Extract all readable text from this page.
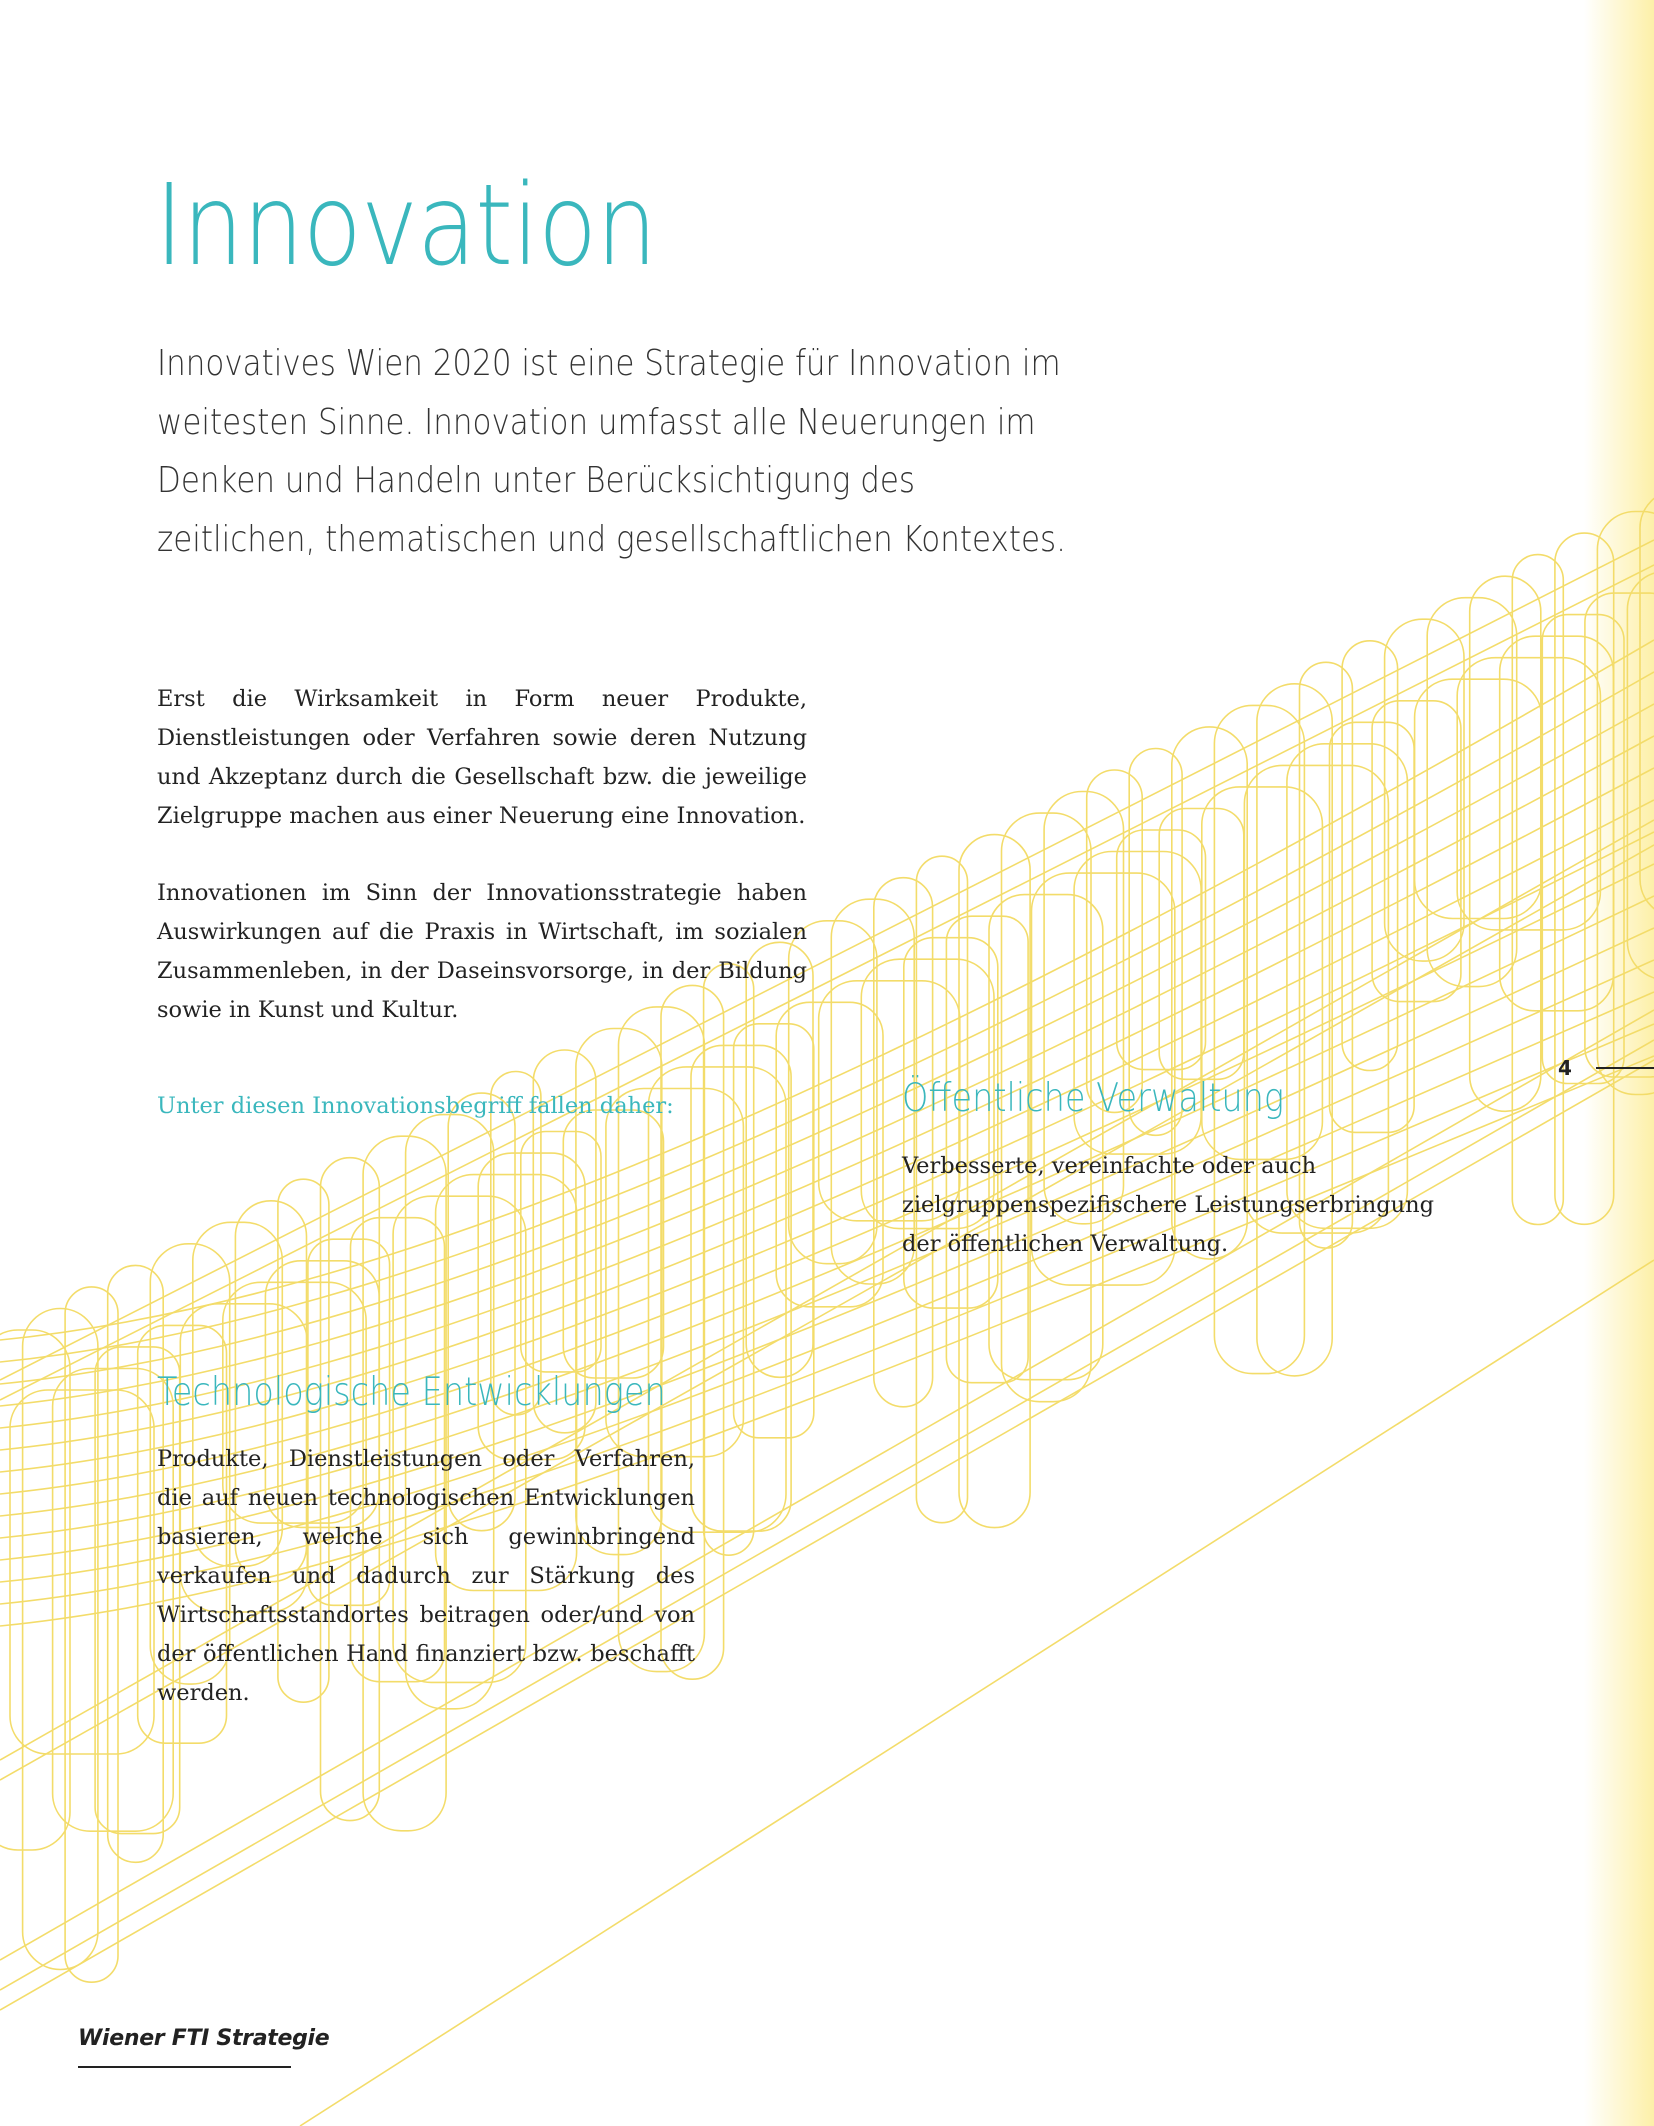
Innovation

Innovatives Wien 2020 ist eine Strategie für Innovation im weitesten Sinne. Innovation umfasst alle Neuerungen im Denken und Handeln unter Berücksichtigung des zeitlichen, thematischen und gesellschaftlichen Kontextes.

Erst die Wirksamkeit in Form neuer Produkte, Dienstleistungen oder Verfahren sowie deren Nutzung und Akzeptanz durch die Gesellschaft bzw. die jeweilige Zielgruppe machen aus einer Neuerung eine Innovation.

Innovationen im Sinn der Innovationsstrategie haben Auswirkungen auf die Praxis in Wirtschaft, im sozialen Zusammenleben, in der Daseinsvorsorge, in der Bildung sowie in Kunst und Kultur.

Unter diesen Innovationsbegriff fallen daher:	Öffentliche Verwaltung

Verbesserte, vereinfachte oder auch zielgruppenspezifischere Leistungserbringung der öffentlichen Verwaltung.

Technologische Entwicklungen

Produkte, Dienstleistungen oder Verfahren, die auf neuen technologischen Entwicklungen basieren, welche sich gewinnbringend verkaufen und dadurch zur Stärkung des Wirtschaftsstandortes beitragen oder/und von der öffentlichen Hand finanziert bzw. beschafft werden.

4
Wiener FTI Strategie
